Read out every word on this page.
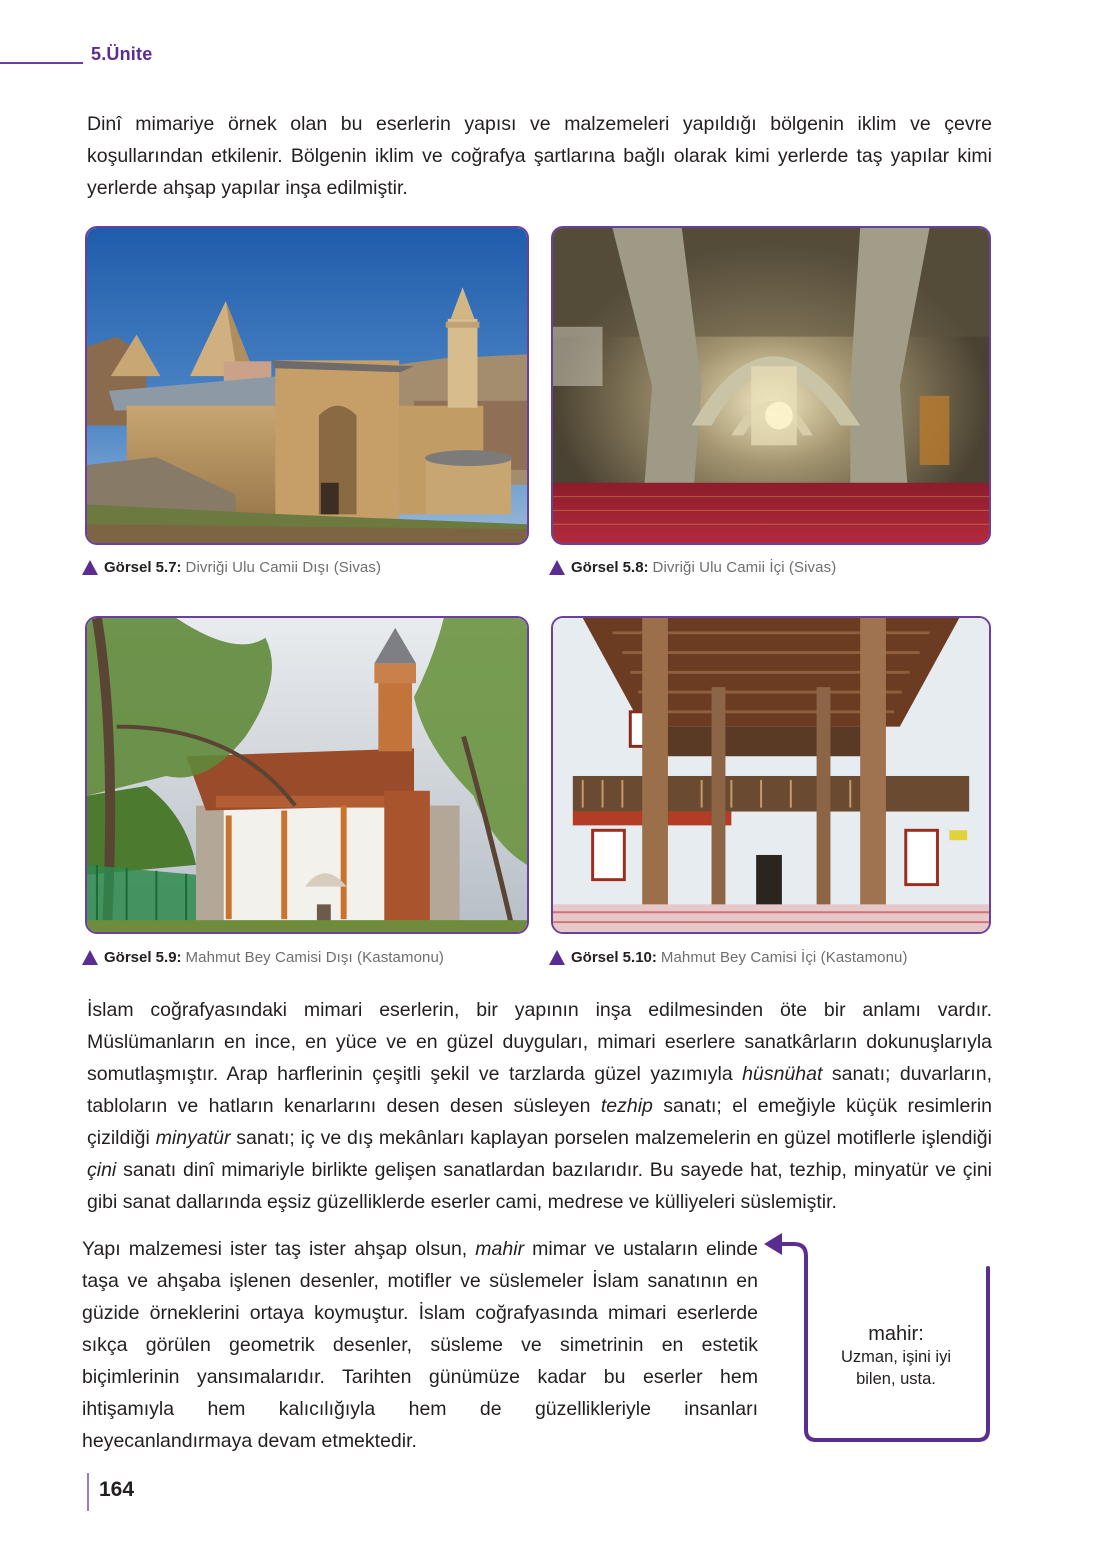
5.Ünite

Dinî mimariye örnek olan bu eserlerin yapısı ve malzemeleri yapıldığı bölgenin iklim ve çevre koşullarından etkilenir. Bölgenin iklim ve coğrafya şartlarına bağlı olarak kimi yerlerde taş yapılar kimi yerlerde ahşap yapılar inşa edilmiştir.

Görsel 5.7: Divriği Ulu Camii Dışı (Sivas)	Görsel 5.8: Divriği Ulu Camii İçi (Sivas)
Görsel 5.9: Mahmut Bey Camisi Dışı (Kastamonu)	Görsel 5.10: Mahmut Bey Camisi İçi (Kastamonu)

İslam coğrafyasındaki mimari eserlerin, bir yapının inşa edilmesinden öte bir anlamı vardır. Müslümanların en ince, en yüce ve en güzel duyguları, mimari eserlere sanatkârların dokunuşlarıyla somutlaşmıştır. Arap harflerinin çeşitli şekil ve tarzlarda güzel yazımıyla hüsnühat sanatı; duvarların, tabloların ve hatların kenarlarını desen desen süsleyen tezhip sanatı; el emeğiyle küçük resimlerin çizildiği minyatür sanatı; iç ve dış mekânları kaplayan porselen malzemelerin en güzel motiflerle işlendiği çini sanatı dinî mimariyle birlikte gelişen sanatlardan bazılarıdır. Bu sayede hat, tezhip, minyatür ve çini gibi sanat dallarında eşsiz güzelliklerde eserler cami, medrese ve külliyeleri süslemiştir.

Yapı malzemesi ister taş ister ahşap olsun, mahir mimar ve ustaların elinde taşa ve ahşaba işlenen desenler, motifler ve süslemeler İslam sanatının en güzide örneklerini ortaya koymuştur. İslam coğrafyasında mimari eserlerde sıkça görülen geometrik desenler, süsleme ve simetrinin en estetik biçimlerinin yansımalarıdır. Tarihten günümüze kadar bu eserler hem ihtişamıyla hem kalıcılığıyla hem de güzellikleriyle insanları heyecanlandırmaya devam etmektedir.

mahir:
Uzman, işini iyi
bilen, usta.
164
